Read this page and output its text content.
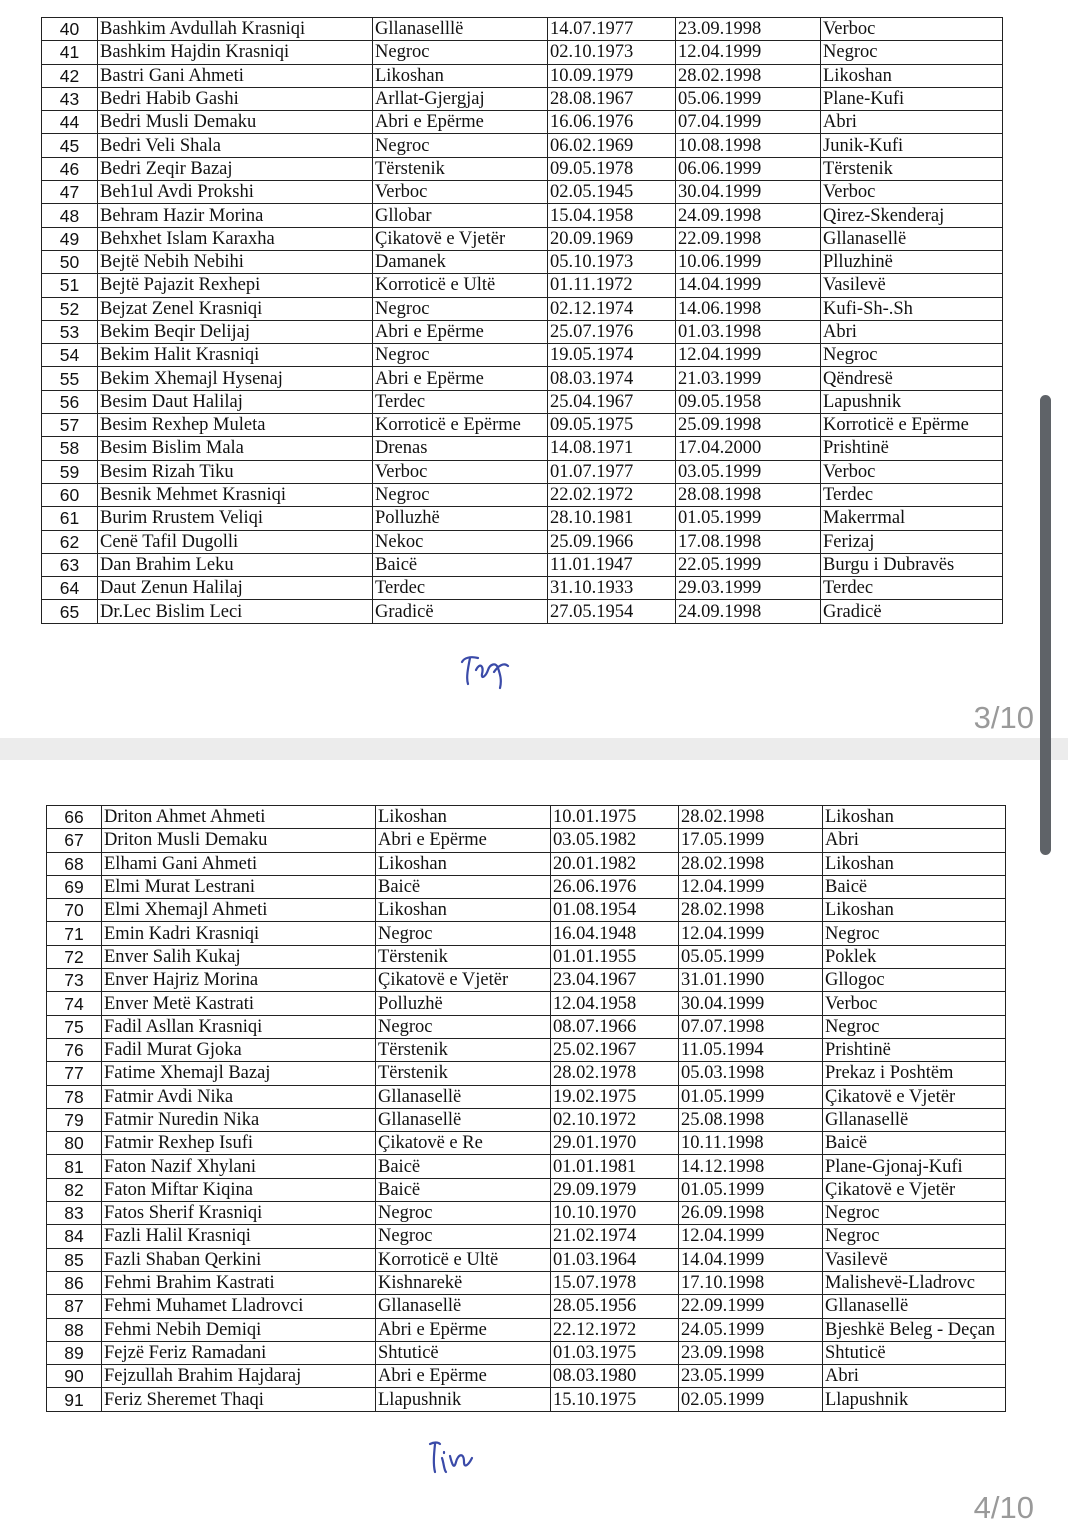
40	Bashkim Avdullah Krasniqi	Gllanaselllë	14.07.1977	23.09.1998	Verboc
41	Bashkim Hajdin Krasniqi	Negroc	02.10.1973	12.04.1999	Negroc
42	Bastri Gani Ahmeti	Likoshan	10.09.1979	28.02.1998	Likoshan
43	Bedri Habib Gashi	Arllat-Gjergjaj	28.08.1967	05.06.1999	Plane-Kufi
44	Bedri Musli Demaku	Abri e Epërme	16.06.1976	07.04.1999	Abri
45	Bedri Veli Shala	Negroc	06.02.1969	10.08.1998	Junik-Kufi
46	Bedri Zeqir Bazaj	Tërstenik	09.05.1978	06.06.1999	Tërstenik
47	Beh1ul Avdi Prokshi	Verboc	02.05.1945	30.04.1999	Verboc
48	Behram Hazir Morina	Gllobar	15.04.1958	24.09.1998	Qirez-Skenderaj
49	Behxhet Islam Karaxha	Çikatovë e Vjetër	20.09.1969	22.09.1998	Gllanasellë
50	Bejtë Nebih Nebihi	Damanek	05.10.1973	10.06.1999	Plluzhinë
51	Bejtë Pajazit Rexhepi	Korroticë e Ultë	01.11.1972	14.04.1999	Vasilevë
52	Bejzat Zenel Krasniqi	Negroc	02.12.1974	14.06.1998	Kufi-Sh-.Sh
53	Bekim Beqir Delijaj	Abri e Epërme	25.07.1976	01.03.1998	Abri
54	Bekim Halit Krasniqi	Negroc	19.05.1974	12.04.1999	Negroc
55	Bekim Xhemajl Hysenaj	Abri e Epërme	08.03.1974	21.03.1999	Qëndresë
56	Besim Daut Halilaj	Terdec	25.04.1967	09.05.1958	Lapushnik
57	Besim Rexhep Muleta	Korroticë e Epërme	09.05.1975	25.09.1998	Korroticë e Epërme
58	Besim Bislim Mala	Drenas	14.08.1971	17.04.2000	Prishtinë
59	Besim Rizah Tiku	Verboc	01.07.1977	03.05.1999	Verboc
60	Besnik Mehmet Krasniqi	Negroc	22.02.1972	28.08.1998	Terdec
61	Burim Rrustem Veliqi	Polluzhë	28.10.1981	01.05.1999	Makerrmal
62	Cenë Tafil Dugolli	Nekoc	25.09.1966	17.08.1998	Ferizaj
63	Dan Brahim Leku	Baicë	11.01.1947	22.05.1999	Burgu i Dubravës
64	Daut Zenun Halilaj	Terdec	31.10.1933	29.03.1999	Terdec
65	Dr.Lec Bislim Leci	Gradicë	27.05.1954	24.09.1998	Gradicë
3/10
66	Driton Ahmet Ahmeti	Likoshan	10.01.1975	28.02.1998	Likoshan
67	Driton Musli Demaku	Abri e Epërme	03.05.1982	17.05.1999	Abri
68	Elhami Gani Ahmeti	Likoshan	20.01.1982	28.02.1998	Likoshan
69	Elmi Murat Lestrani	Baicë	26.06.1976	12.04.1999	Baicë
70	Elmi Xhemajl Ahmeti	Likoshan	01.08.1954	28.02.1998	Likoshan
71	Emin Kadri Krasniqi	Negroc	16.04.1948	12.04.1999	Negroc
72	Enver Salih Kukaj	Tërstenik	01.01.1955	05.05.1999	Poklek
73	Enver Hajriz Morina	Çikatovë e Vjetër	23.04.1967	31.01.1990	Gllogoc
74	Enver Metë Kastrati	Polluzhë	12.04.1958	30.04.1999	Verboc
75	Fadil Asllan Krasniqi	Negroc	08.07.1966	07.07.1998	Negroc
76	Fadil Murat Gjoka	Tërstenik	25.02.1967	11.05.1994	Prishtinë
77	Fatime Xhemajl Bazaj	Tërstenik	28.02.1978	05.03.1998	Prekaz i Poshtëm
78	Fatmir Avdi Nika	Gllanasellë	19.02.1975	01.05.1999	Çikatovë e Vjetër
79	Fatmir Nuredin Nika	Gllanasellë	02.10.1972	25.08.1998	Gllanasellë
80	Fatmir Rexhep Isufi	Çikatovë e Re	29.01.1970	10.11.1998	Baicë
81	Faton Nazif Xhylani	Baicë	01.01.1981	14.12.1998	Plane-Gjonaj-Kufi
82	Faton Miftar Kiqina	Baicë	29.09.1979	01.05.1999	Çikatovë e Vjetër
83	Fatos Sherif Krasniqi	Negroc	10.10.1970	26.09.1998	Negroc
84	Fazli Halil Krasniqi	Negroc	21.02.1974	12.04.1999	Negroc
85	Fazli Shaban Qerkini	Korroticë e Ultë	01.03.1964	14.04.1999	Vasilevë
86	Fehmi Brahim Kastrati	Kishnarekë	15.07.1978	17.10.1998	Malishevë-Lladrovc
87	Fehmi Muhamet Lladrovci	Gllanasellë	28.05.1956	22.09.1999	Gllanasellë
88	Fehmi Nebih Demiqi	Abri e Epërme	22.12.1972	24.05.1999	Bjeshkë Beleg - Deçan
89	Fejzë Feriz Ramadani	Shtuticë	01.03.1975	23.09.1998	Shtuticë
90	Fejzullah Brahim Hajdaraj	Abri e Epërme	08.03.1980	23.05.1999	Abri
91	Feriz Sheremet Thaqi	Llapushnik	15.10.1975	02.05.1999	Llapushnik
4/10
